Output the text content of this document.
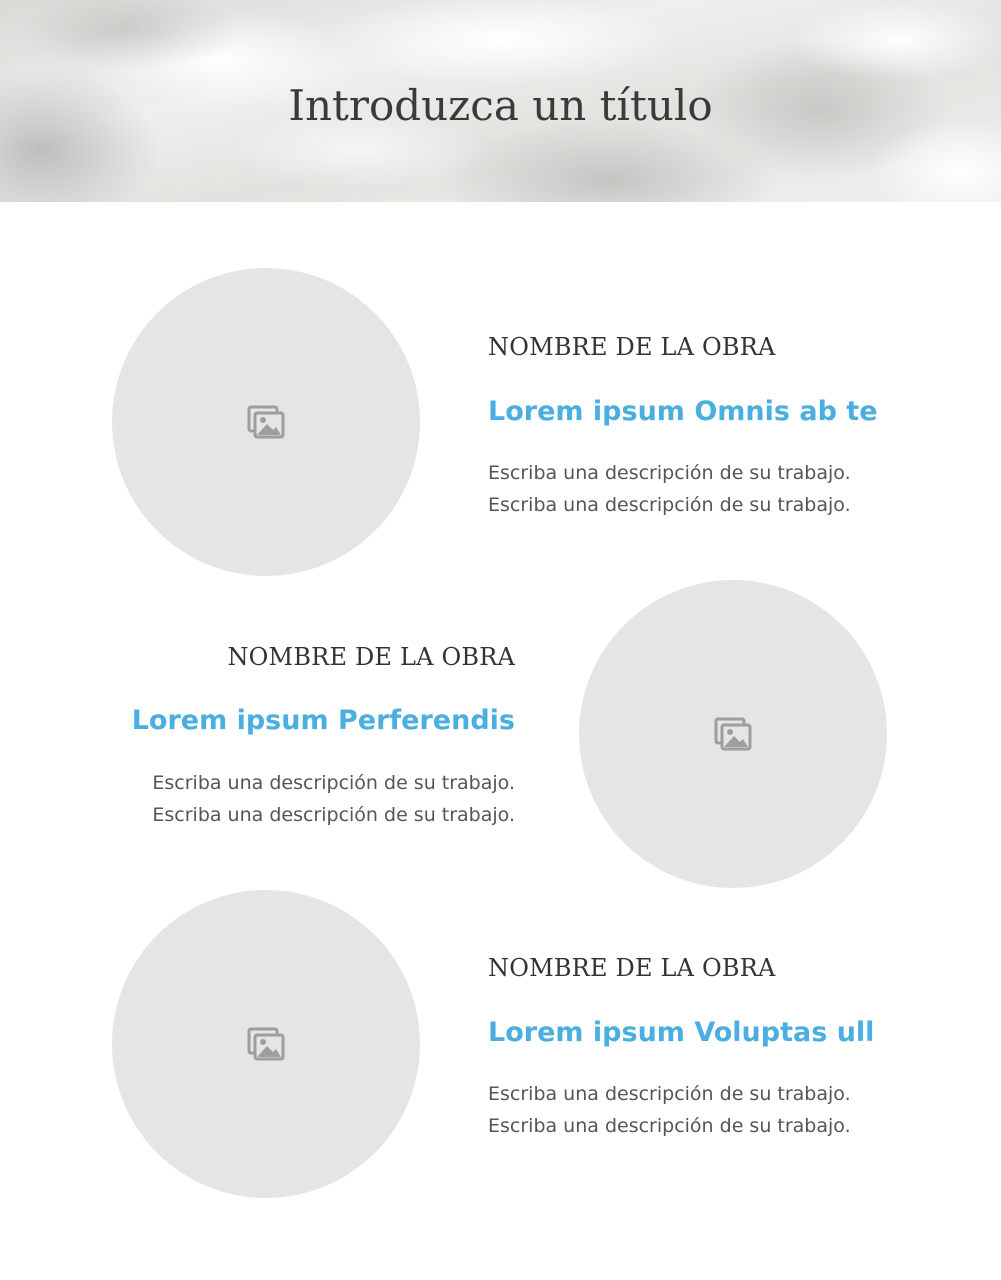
Introduzca un título
NOMBRE DE LA OBRA
Lorem ipsum Omnis ab te
Escriba una descripción de su trabajo.
Escriba una descripción de su trabajo.
NOMBRE DE LA OBRA
Lorem ipsum Perferendis
Escriba una descripción de su trabajo.
Escriba una descripción de su trabajo.
NOMBRE DE LA OBRA
Lorem ipsum Voluptas ull
Escriba una descripción de su trabajo.
Escriba una descripción de su trabajo.
